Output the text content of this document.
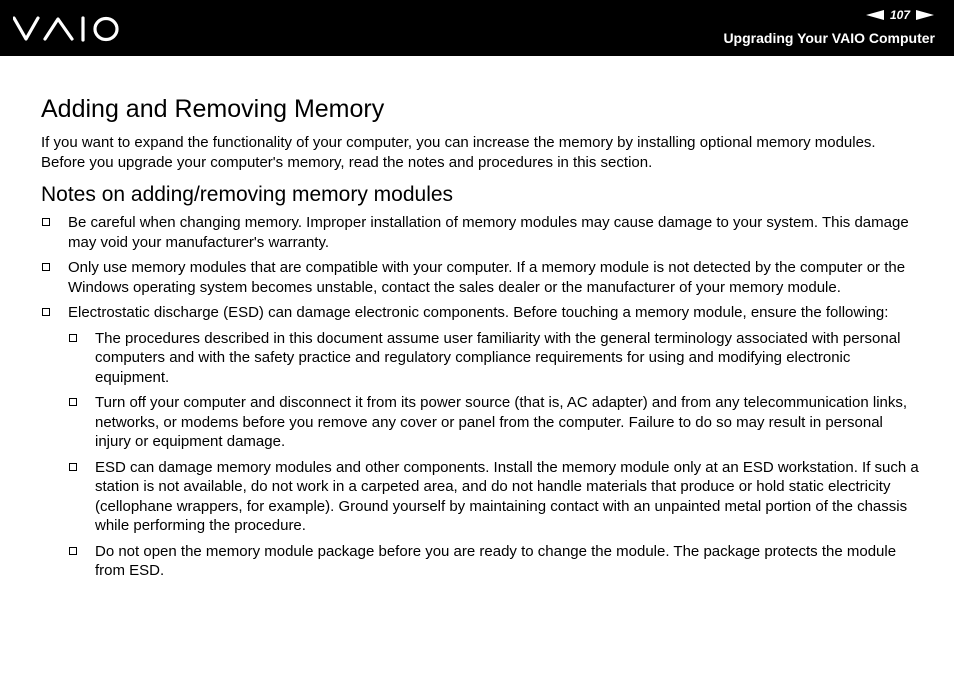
107
Upgrading Your VAIO Computer
Adding and Removing Memory

If you want to expand the functionality of your computer, you can increase the memory by installing optional memory modules. Before you upgrade your computer's memory, read the notes and procedures in this section.

Notes on adding/removing memory modules
Be careful when changing memory. Improper installation of memory modules may cause damage to your system. This damage may void your manufacturer's warranty.
Only use memory modules that are compatible with your computer. If a memory module is not detected by the computer or the Windows operating system becomes unstable, contact the sales dealer or the manufacturer of your memory module.
Electrostatic discharge (ESD) can damage electronic components. Before touching a memory module, ensure the following:
The procedures described in this document assume user familiarity with the general terminology associated with personal computers and with the safety practice and regulatory compliance requirements for using and modifying electronic equipment.
Turn off your computer and disconnect it from its power source (that is, AC adapter) and from any telecommunication links, networks, or modems before you remove any cover or panel from the computer. Failure to do so may result in personal injury or equipment damage.
ESD can damage memory modules and other components. Install the memory module only at an ESD workstation. If such a station is not available, do not work in a carpeted area, and do not handle materials that produce or hold static electricity (cellophane wrappers, for example). Ground yourself by maintaining contact with an unpainted metal portion of the chassis while performing the procedure.
Do not open the memory module package before you are ready to change the module. The package protects the module from ESD.
